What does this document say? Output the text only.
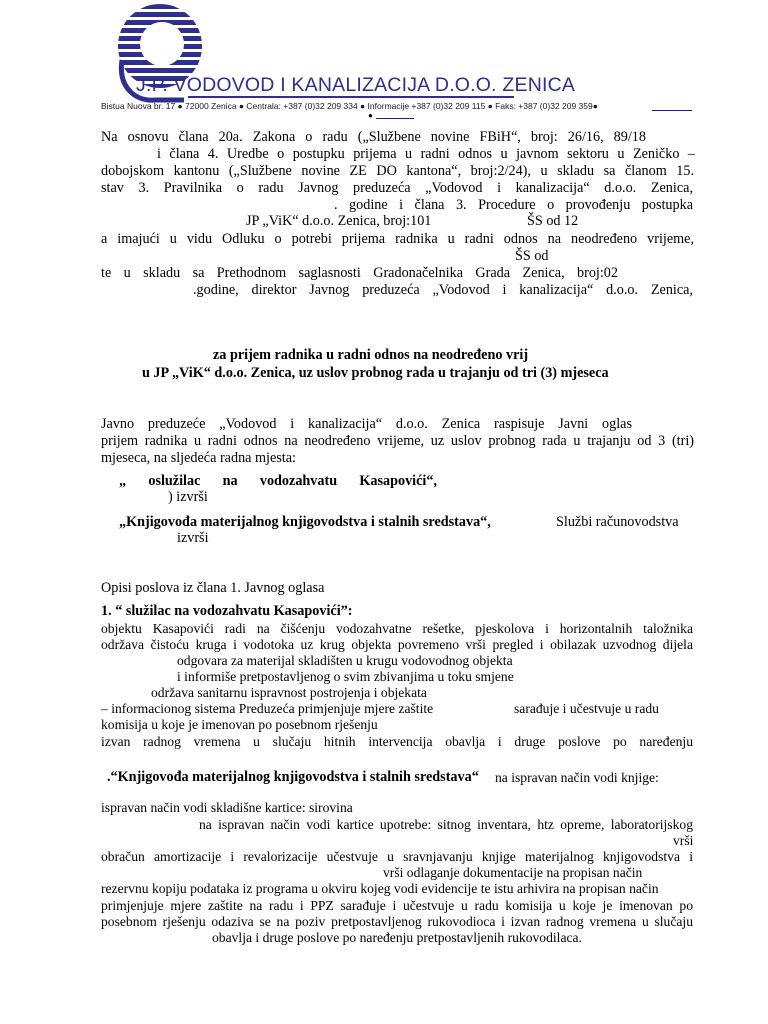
J.P. VODOVOD I KANALIZACIJA D.O.O. ZENICA
Bistua Nuova br. 17 ● 72000 Zenica ● Centrala: +387 (0)32 209 334 ● Informacije +387 (0)32 209 115 ● Faks: +387 (0)32 209 359●
●
Na osnovu člana 20a. Zakona o radu („Službene novine FBiH“, broj: 26/16, 89/18
i člana 4. Uredbe o postupku prijema u radni odnos u javnom sektoru u Zeničko –
dobojskom kantonu („Službene novine ZE DO kantona“, broj:2/24), u skladu sa članom 15.
stav 3. Pravilnika o radu Javnog preduzeća „Vodovod i kanalizacija“ d.o.o. Zenica,
. godine i člana 3. Procedure o provođenju postupka
JP „ViK“ d.o.o. Zenica, broj:101	ŠS od 12
a imajući u vidu Odluku o potrebi prijema radnika u radni odnos na neodređeno vrijeme,
ŠS od
te u skladu sa Prethodnom saglasnosti Gradonačelnika Grada Zenica, broj:02
.godine, direktor Javnog preduzeća „Vodovod i kanalizacija“ d.o.o. Zenica,
za prijem radnika u radni odnos na neodređeno vrij
u JP „ViK“ d.o.o. Zenica, uz uslov probnog rada u trajanju od tri (3) mjeseca
Javno preduzeće „Vodovod i kanalizacija“ d.o.o. Zenica raspisuje Javni oglas
prijem radnika u radni odnos na neodređeno vrijeme, uz uslov probnog rada u trajanju od 3 (tri)
mjeseca, na sljedeća radna mjesta:
„ oslužilac na vodozahvatu Kasapovići“,
) izvrši
„Knjigovođa materijalnog knjigovodstva i stalnih sredstava“,	Službi računovodstva
izvrši
Opisi poslova iz člana 1. Javnog oglasa
1. “ služilac na vodozahvatu Kasapovići”:
objektu Kasapovići radi na čišćenju vodozahvatne rešetke, pjeskolova i horizontalnih taložnika
održava čistoću kruga i vodotoka uz krug objekta povremeno vrši pregled i obilazak uzvodnog dijela
odgovara za materijal skladišten u krugu vodovodnog objekta
i informiše pretpostavljenog o svim zbivanjima u toku smjene
održava sanitarnu ispravnost postrojenja i objekata
– informacionog sistema Preduzeća primjenjuje mjere zaštite	sarađuje i učestvuje u radu
komisija u koje je imenovan po posebnom rješenju
izvan radnog vremena u slučaju hitnih intervencija obavlja i druge poslove po naređenju
.“Knjigovođa materijalnog knjigovodstva i stalnih sredstava“ na ispravan način vodi knjige:
ispravan način vodi skladišne kartice: sirovina
na ispravan način vodi kartice upotrebe: sitnog inventara, htz opreme, laboratorijskog
vrši
obračun amortizacije i revalorizacije učestvuje u sravnjavanju knjige materijalnog knjigovodstva i
vrši odlaganje dokumentacije na propisan način
rezervnu kopiju podataka iz programa u okviru kojeg vodi evidencije te istu arhivira na propisan način
primjenjuje mjere zaštite na radu i PPZ sarađuje i učestvuje u radu komisija u koje je imenovan po
posebnom rješenju odaziva se na poziv pretpostavljenog rukovodioca i izvan radnog vremena u slučaju
obavlja i druge poslove po naređenju pretpostavljenih rukovodilaca.
